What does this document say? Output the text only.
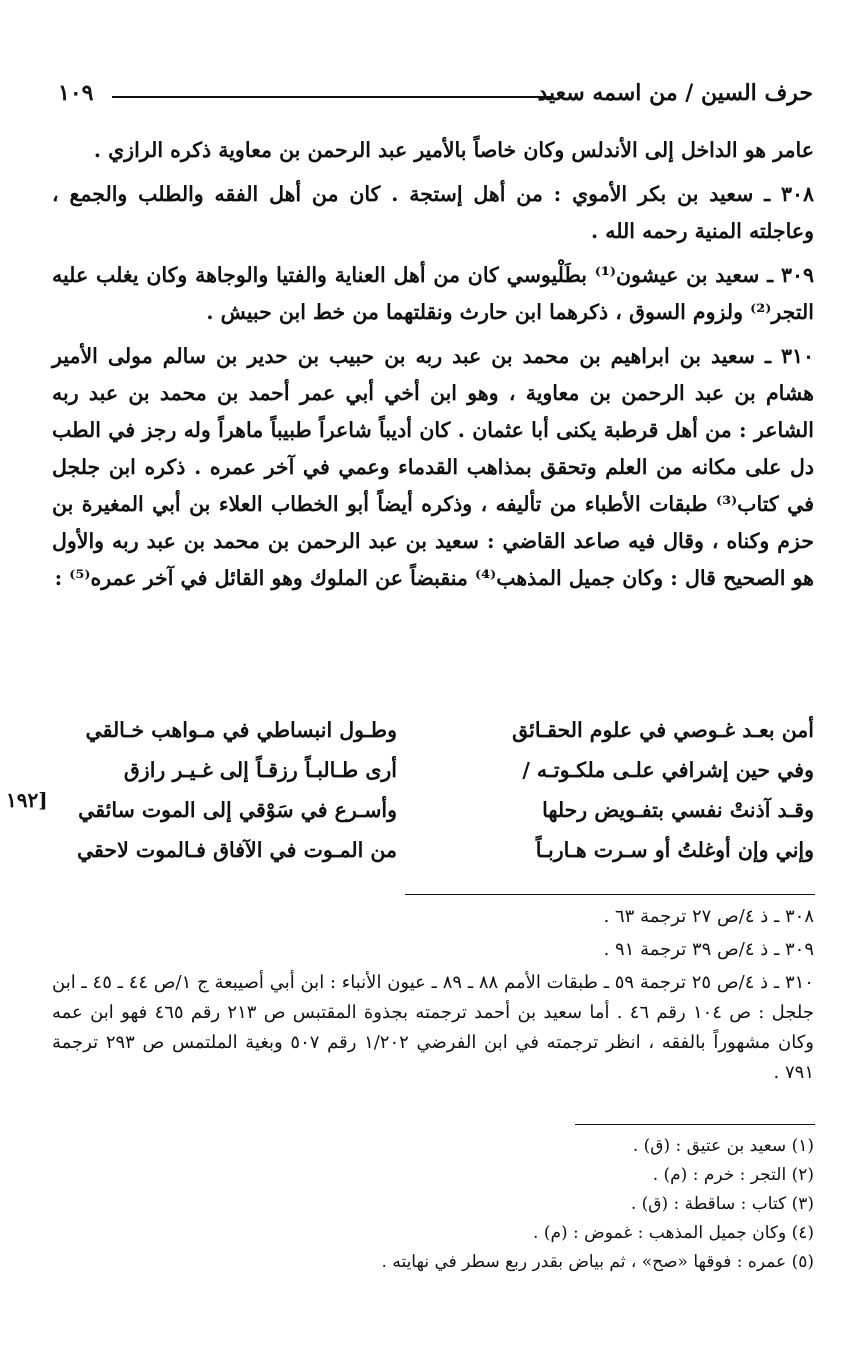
حرف السين / من اسمه سعيد
١٠٩

عامر هو الداخل إلى الأندلس وكان خاصاً بالأمير عبد الرحمن بن معاوية ذكره الرازي .

٣٠٨ ـ سعيد بن بكر الأموي : من أهل إستجة . كان من أهل الفقه والطلب والجمع ، وعاجلته المنية رحمه الله .

٣٠٩ ـ سعيد بن عيشون⁽¹⁾ بطَلْيوسي كان من أهل العناية والفتيا والوجاهة وكان يغلب عليه التجر⁽²⁾ ولزوم السوق ، ذكرهما ابن حارث ونقلتهما من خط ابن حبيش .

٣١٠ ـ سعيد بن ابراهيم بن محمد بن عبد ربه بن حبيب بن حدير بن سالم مولى الأمير هشام بن عبد الرحمن بن معاوية ، وهو ابن أخي أبي عمر أحمد بن محمد بن عبد ربه الشاعر : من أهل قرطبة يكنى أبا عثمان . كان أديباً شاعراً طبيباً ماهراً وله رجز في الطب دل على مكانه من العلم وتحقق بمذاهب القدماء وعمي في آخر عمره . ذكره ابن جلجل في كتاب⁽³⁾ طبقات الأطباء من تأليفه ، وذكره أيضاً أبو الخطاب العلاء بن أبي المغيرة بن حزم وكناه ، وقال فيه صاعد القاضي : سعيد بن عبد الرحمن بن محمد بن عبد ربه والأول هو الصحيح قال : وكان جميل المذهب⁽⁴⁾ منقبضاً عن الملوك وهو القائل في آخر عمره⁽⁵⁾ :

أمن بعـد غـوصي في علوم الحقـائق
وطـول انبساطي في مـواهب خـالقي
وفي حين إشرافي علـى ملكـوتـه /
أرى طـالبـاً رزقـاً إلى غـيـر رازق
وقـد آذنتْ نفسي بتفـويض رحلها
وأسـرع في سَوْقي إلى الموت سائقي
وإني وإن أوغلتُ أو سـرت هـاربـاً
من المـوت في الآفاق فـالموت لاحقي
١٩٢]

٣٠٨ ـ ذ ٤/ص ٢٧ ترجمة ٦٣ .

٣٠٩ ـ ذ ٤/ص ٣٩ ترجمة ٩١ .

٣١٠ ـ ذ ٤/ص ٢٥ ترجمة ٥٩ ـ طبقات الأمم ٨٨ ـ ٨٩ ـ عيون الأنباء : ابن أبي أصيبعة ج ١/ص ٤٤ ـ ٤٥ ـ ابن جلجل : ص ١٠٤ رقم ٤٦ . أما سعيد بن أحمد ترجمته بجذوة المقتبس ص ٢١٣ رقم ٤٦٥ فهو ابن عمه وكان مشهوراً بالفقه ، انظر ترجمته في ابن الفرضي ١/٢٠٢ رقم ٥٠٧ وبغية الملتمس ص ٢٩٣ ترجمة ٧٩١ .

(١) سعيد بن عتيق : (ق) .

(٢) التجر : خرم : (م) .

(٣) كتاب : ساقطة : (ق) .

(٤) وكان جميل المذهب : غموض : (م) .

(٥) عمره : فوقها «صح» ، ثم بياض بقدر ربع سطر في نهايته .
